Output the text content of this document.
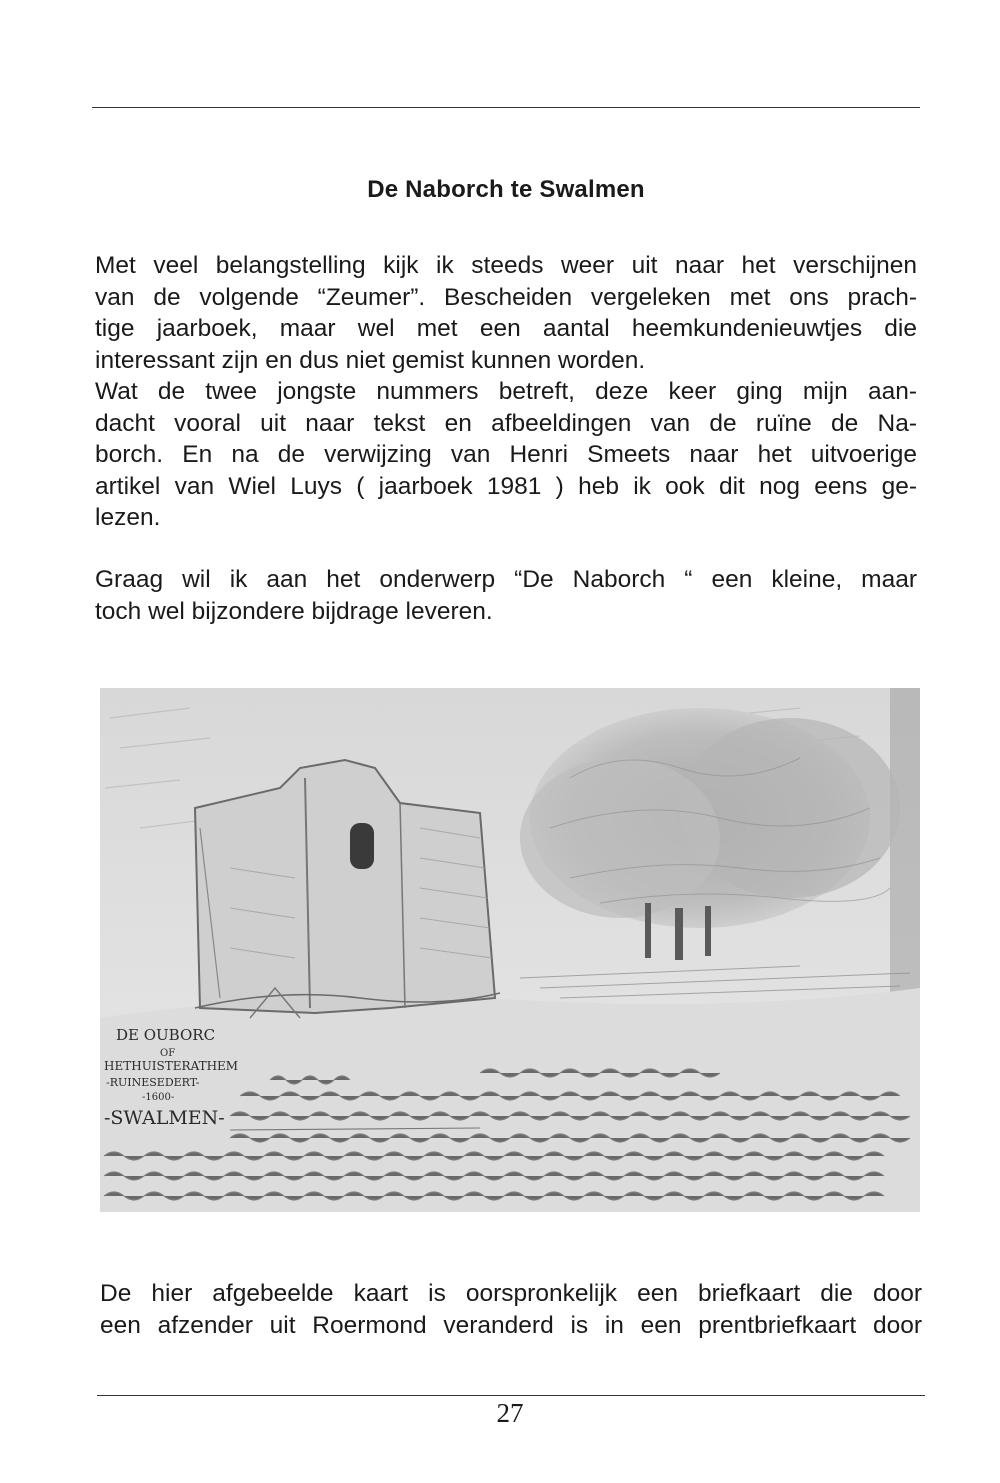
De Naborch te Swalmen
Met veel belangstelling kijk ik steeds weer uit naar het verschijnen
van de volgende “Zeumer”. Bescheiden vergeleken met ons prach-
tige jaarboek, maar wel met een aantal heemkundenieuwtjes die
interessant zijn en dus niet gemist kunnen worden.
Wat de twee jongste nummers betreft, deze keer ging mijn aan-
dacht vooral uit naar tekst en afbeeldingen van de ruïne de Na-
borch. En na de verwijzing van Henri Smeets naar het uitvoerige
artikel van Wiel Luys ( jaarboek 1981 ) heb ik ook dit nog eens ge-
lezen.
Graag wil ik aan het onderwerp “De Naborch “ een kleine, maar
toch wel bijzondere bijdrage leveren.
DE OUBORC
OF
HETHUISTERATHEM
-RUINESEDERT-
-1600-
-SWALMEN-
De hier afgebeelde kaart is oorspronkelijk een briefkaart die door
een afzender uit Roermond veranderd is in een prentbriefkaart door
27
